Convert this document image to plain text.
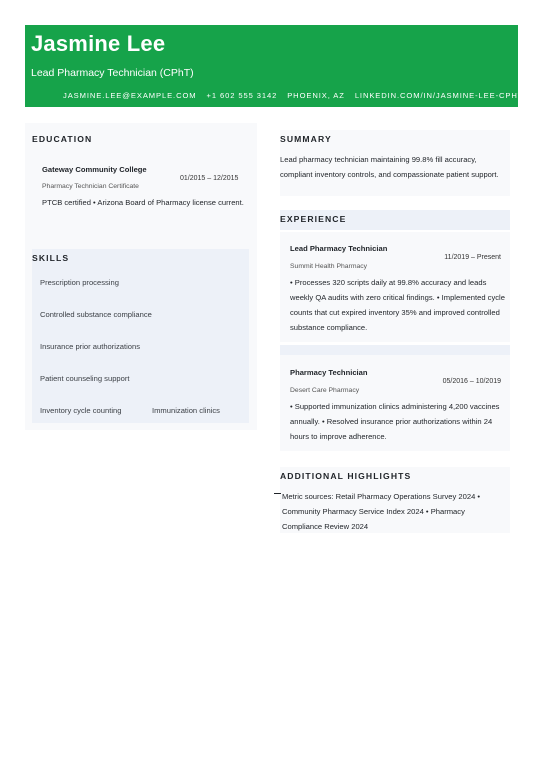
Jasmine Lee
Lead Pharmacy Technician (CPhT)
JASMINE.LEE@EXAMPLE.COM +1 602 555 3142 PHOENIX, AZ LINKEDIN.COM/IN/JASMINE-LEE-CPHT
EDUCATION
Gateway Community College
01/2015 – 12/2015
Pharmacy Technician Certificate
PTCB certified • Arizona Board of Pharmacy license current.
SKILLS
Prescription processing
Controlled substance compliance
Insurance prior authorizations
Patient counseling support
Inventory cycle counting	Immunization clinics
SUMMARY
Lead pharmacy technician maintaining 99.8% fill accuracy, compliant inventory controls, and compassionate patient support.
EXPERIENCE
Lead Pharmacy Technician
11/2019 – Present
Summit Health Pharmacy
• Processes 320 scripts daily at 99.8% accuracy and leads weekly QA audits with zero critical findings. • Implemented cycle counts that cut expired inventory 35% and improved controlled substance compliance.
Pharmacy Technician
05/2016 – 10/2019
Desert Care Pharmacy
• Supported immunization clinics administering 4,200 vaccines annually. • Resolved insurance prior authorizations within 24 hours to improve adherence.
ADDITIONAL HIGHLIGHTS
Metric sources: Retail Pharmacy Operations Survey 2024 • Community Pharmacy Service Index 2024 • Pharmacy Compliance Review 2024
